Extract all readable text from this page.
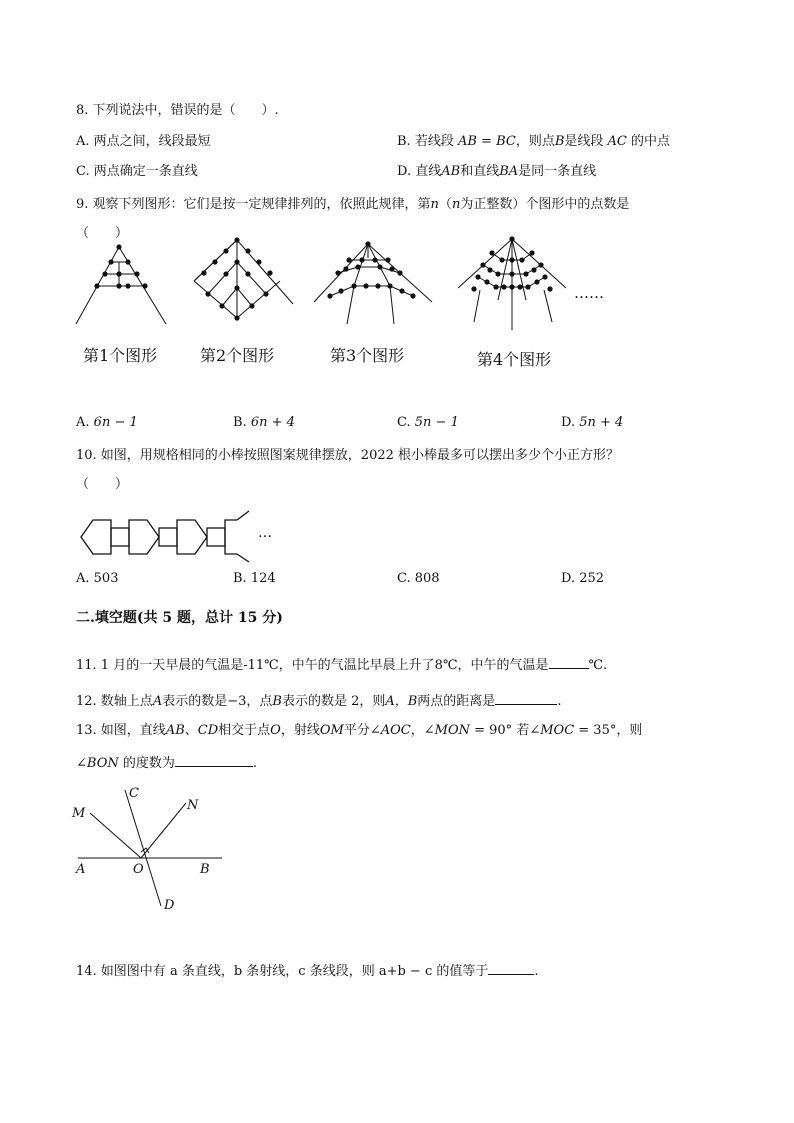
8. 下列说法中，错误的是（　　）.
A. 两点之间，线段最短	B. 若线段 AB = BC，则点B是线段 AC 的中点
C. 两点确定一条直线	D. 直线AB和直线BA是同一条直线
9. 观察下列图形：它们是按一定规律排列的，依照此规律，第n（n为正整数）个图形中的点数是
（　　）
……
第1个图形	第2个图形	第3个图形	第4个图形
A. 6n − 1	B. 6n + 4	C. 5n − 1	D. 5n + 4
10. 如图，用规格相同的小棒按照图案规律摆放，2022 根小棒最多可以摆出多少个小正方形？
（　　）
…
A. 503	B. 124	C. 808	D. 252
二.填空题(共 5 题，总计 15 分)
11. 1 月的一天早晨的气温是-11℃，中午的气温比早晨上升了8℃，中午的气温是	℃.
12. 数轴上点A表示的数是−3，点B表示的数是 2，则A，B两点的距离是	.
13. 如图，直线AB、CD相交于点O，射线OM平分∠AOC，∠MON = 90° 若∠MOC = 35°，则
∠BON 的度数为	.
M
C
N
A	O	B
D
14. 如图图中有 a 条直线，b 条射线，c 条线段，则 a+b − c 的值等于	.
